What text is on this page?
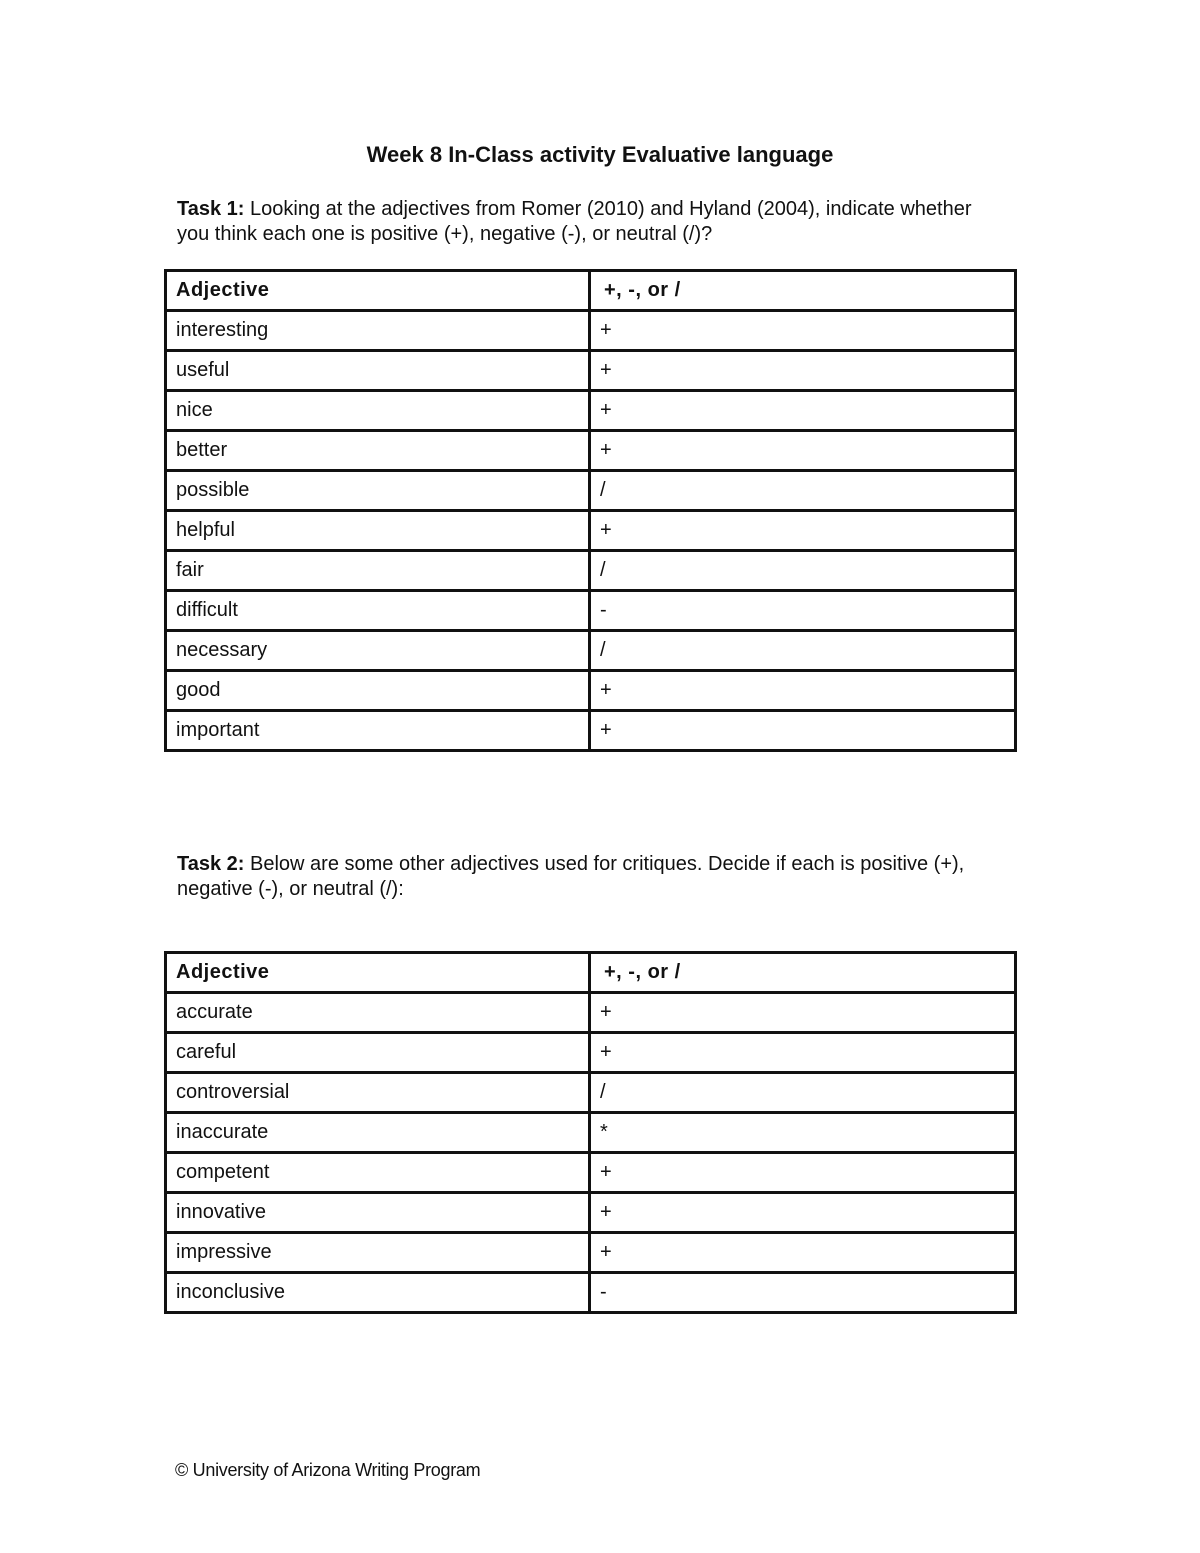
Week 8 In-Class activity Evaluative language

Task 1: Looking at the adjectives from Romer (2010) and Hyland (2004), indicate whether you think each one is positive (+), negative (-), or neutral (/)?

Adjective	+, -, or /
interesting	+
useful	+
nice	+
better	+
possible	/
helpful	+
fair	/
difficult	-
necessary	/
good	+
important	+

Task 2: Below are some other adjectives used for critiques. Decide if each is positive (+), negative (-), or neutral (/):

Adjective	+, -, or /
accurate	+
careful	+
controversial	/
inaccurate	*
competent	+
innovative	+
impressive	+
inconclusive	-

© University of Arizona Writing Program
